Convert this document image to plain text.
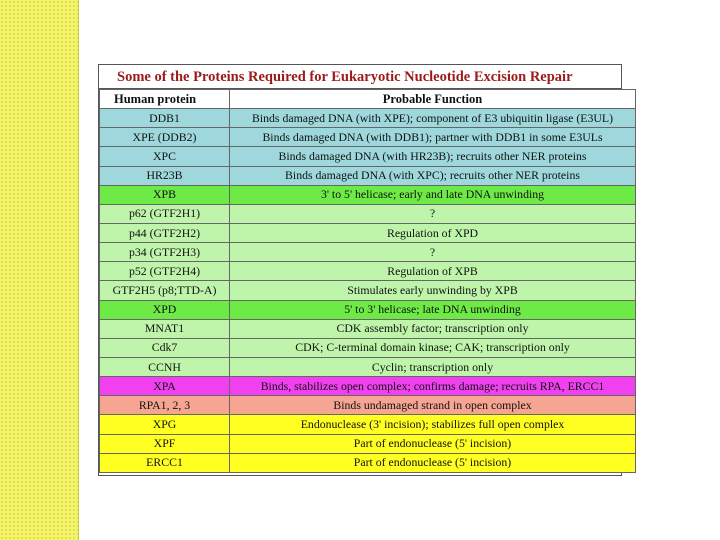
Some of the Proteins Required for Eukaryotic Nucleotide Excision Repair
Human protein	Probable Function
DDB1	Binds damaged DNA (with XPE); component of E3 ubiquitin ligase (E3UL)
XPE (DDB2)	Binds damaged DNA (with DDB1); partner with DDB1 in some E3ULs
XPC	Binds damaged DNA (with HR23B); recruits other NER proteins
HR23B	Binds damaged DNA (with XPC); recruits other NER proteins
XPB	3' to 5' helicase; early and late DNA unwinding
p62 (GTF2H1)	?
p44 (GTF2H2)	Regulation of XPD
p34 (GTF2H3)	?
p52 (GTF2H4)	Regulation of XPB
GTF2H5 (p8;TTD-A)	Stimulates early unwinding by XPB
XPD	5' to 3' helicase; late DNA unwinding
MNAT1	CDK assembly factor; transcription only
Cdk7	CDK; C-terminal domain kinase; CAK; transcription only
CCNH	Cyclin; transcription only
XPA	Binds, stabilizes open complex; confirms damage; recruits RPA, ERCC1
RPA1, 2, 3	Binds undamaged strand in open complex
XPG	Endonuclease (3' incision); stabilizes full open complex
XPF	Part of endonuclease (5' incision)
ERCC1	Part of endonuclease (5' incision)
